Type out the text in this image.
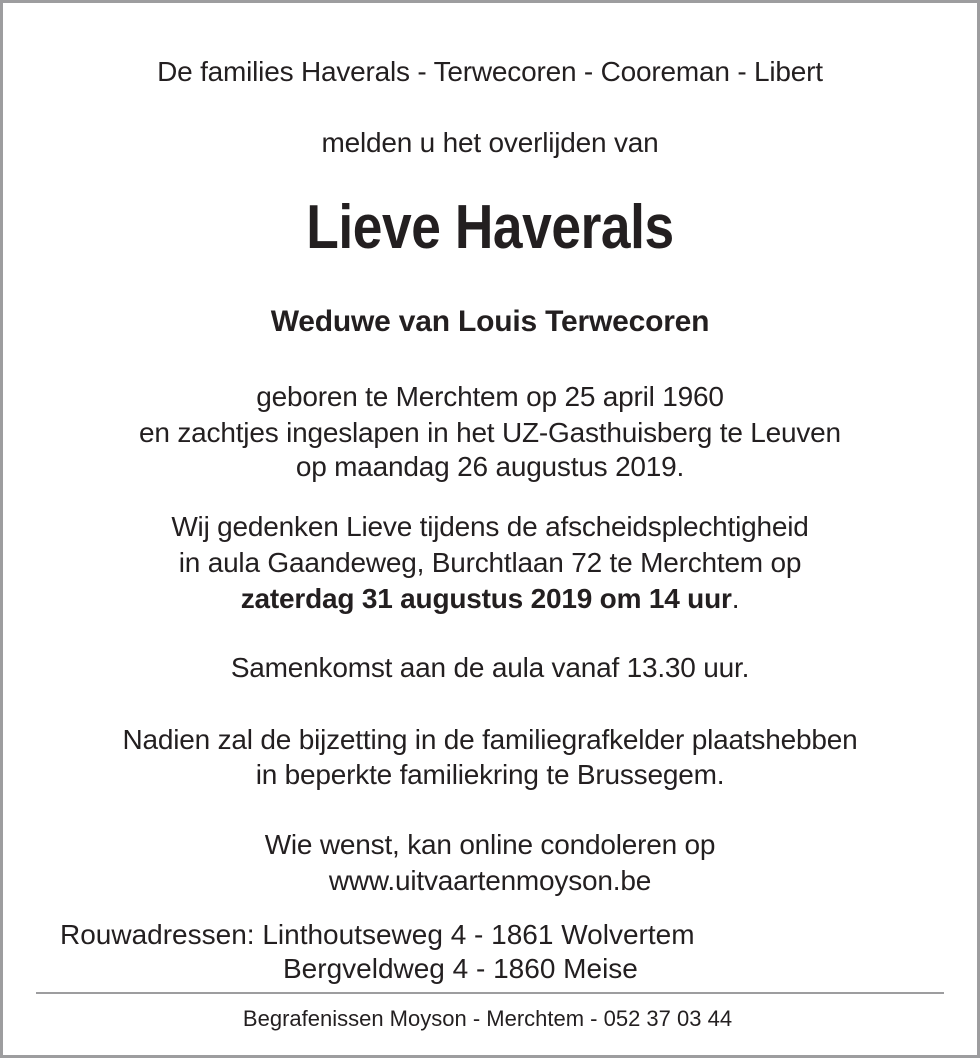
De families Haverals - Terwecoren - Cooreman - Libert
melden u het overlijden van
Lieve Haverals
Weduwe van Louis Terwecoren
geboren te Merchtem op 25 april 1960
en zachtjes ingeslapen in het UZ-Gasthuisberg te Leuven
op maandag 26 augustus 2019.
Wij gedenken Lieve tijdens de afscheidsplechtigheid
in aula Gaandeweg, Burchtlaan 72 te Merchtem op
zaterdag 31 augustus 2019 om 14 uur.
Samenkomst aan de aula vanaf 13.30 uur.
Nadien zal de bijzetting in de familiegrafkelder plaatshebben
in beperkte familiekring te Brussegem.
Wie wenst, kan online condoleren op
www.uitvaartenmoyson.be
Rouwadressen: Linthoutseweg 4 - 1861 Wolvertem
Bergveldweg 4 - 1860 Meise
Begrafenissen Moyson - Merchtem - 052 37 03 44
